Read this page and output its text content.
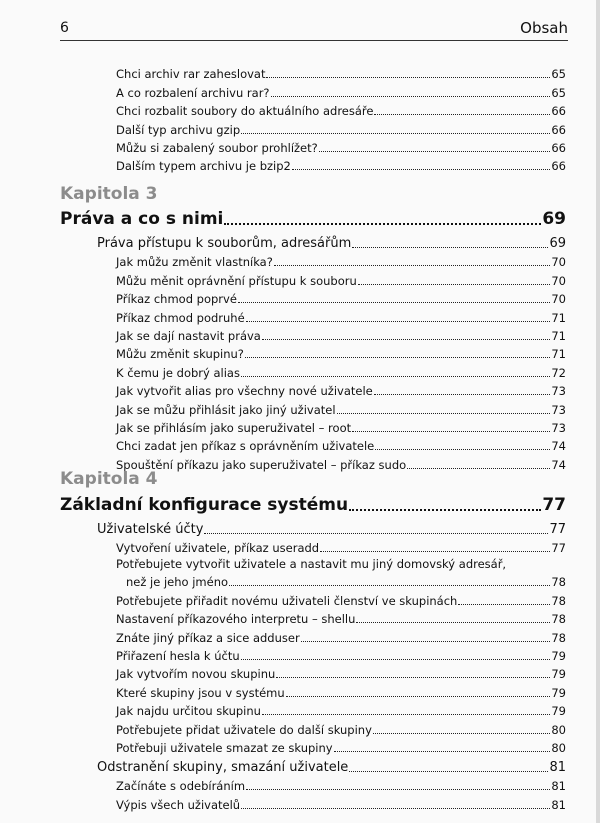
6	Obsah
Chci archiv rar zaheslovat	65
A co rozbalení archivu rar?	65
Chci rozbalit soubory do aktuálního adresáře	66
Další typ archivu gzip	66
Můžu si zabalený soubor prohlížet?	66
Dalším typem archivu je bzip2	66
Kapitola 3
Práva a co s nimi	69
Práva přístupu k souborům, adresářům	69
Jak můžu změnit vlastníka?	70
Můžu měnit oprávnění přístupu k souboru	70
Příkaz chmod poprvé	70
Příkaz chmod podruhé	71
Jak se dají nastavit práva	71
Můžu změnit skupinu?	71
K čemu je dobrý alias	72
Jak vytvořit alias pro všechny nové uživatele	73
Jak se můžu přihlásit jako jiný uživatel	73
Jak se přihlásím jako superuživatel – root	73
Chci zadat jen příkaz s oprávněním uživatele	74
Spouštění příkazu jako superuživatel – příkaz sudo	74
Kapitola 4
Základní konfigurace systému	77
Uživatelské účty	77
Vytvoření uživatele, příkaz useradd	77
Potřebujete vytvořit uživatele a nastavit mu jiný domovský adresář,
než je jeho jméno	78
Potřebujete přiřadit novému uživateli členství ve skupinách	78
Nastavení příkazového interpretu – shellu	78
Znáte jiný příkaz a sice adduser	78
Přiřazení hesla k účtu	79
Jak vytvořím novou skupinu	79
Které skupiny jsou v systému	79
Jak najdu určitou skupinu	79
Potřebujete přidat uživatele do další skupiny	80
Potřebuji uživatele smazat ze skupiny	80
Odstranění skupiny, smazání uživatele	81
Začínáte s odebíráním	81
Výpis všech uživatelů	81
